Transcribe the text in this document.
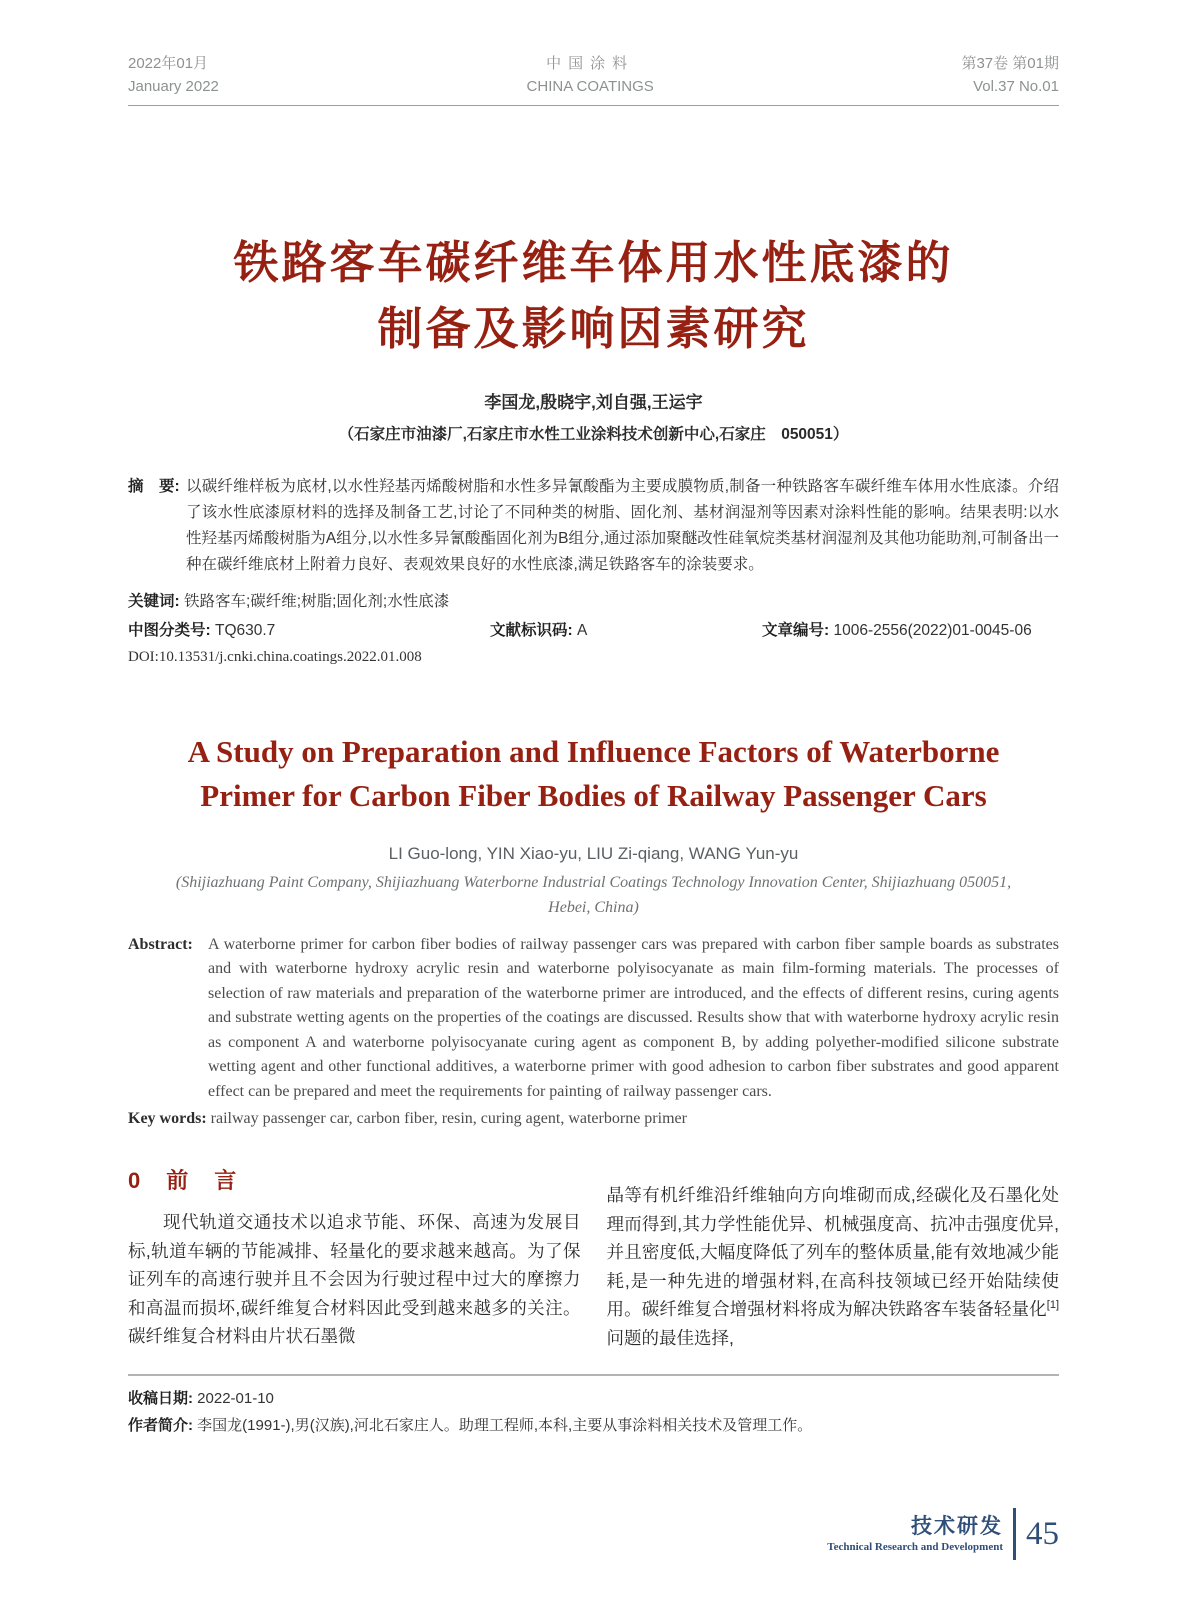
2022年01月
January 2022
中国涂料
CHINA COATINGS
第37卷 第01期
Vol.37 No.01
铁路客车碳纤维车体用水性底漆的
制备及影响因素研究
李国龙,殷晓宇,刘自强,王运宇
（石家庄市油漆厂,石家庄市水性工业涂料技术创新中心,石家庄　050051）
摘　要: 以碳纤维样板为底材,以水性羟基丙烯酸树脂和水性多异氰酸酯为主要成膜物质,制备一种铁路客车碳纤维车体用水性底漆。介绍了该水性底漆原材料的选择及制备工艺,讨论了不同种类的树脂、固化剂、基材润湿剂等因素对涂料性能的影响。结果表明:以水性羟基丙烯酸树脂为A组分,以水性多异氰酸酯固化剂为B组分,通过添加聚醚改性硅氧烷类基材润湿剂及其他功能助剂,可制备出一种在碳纤维底材上附着力良好、表观效果良好的水性底漆,满足铁路客车的涂装要求。
关键词: 铁路客车;碳纤维;树脂;固化剂;水性底漆
中图分类号: TQ630.7	文献标识码: A	文章编号: 1006-2556(2022)01-0045-06
DOI:10.13531/j.cnki.china.coatings.2022.01.008
A Study on Preparation and Influence Factors of Waterborne
Primer for Carbon Fiber Bodies of Railway Passenger Cars
LI Guo-long, YIN Xiao-yu, LIU Zi-qiang, WANG Yun-yu
(Shijiazhuang Paint Company, Shijiazhuang Waterborne Industrial Coatings Technology Innovation Center, Shijiazhuang 050051,
Hebei, China)
Abstract: A waterborne primer for carbon fiber bodies of railway passenger cars was prepared with carbon fiber sample boards as substrates and with waterborne hydroxy acrylic resin and waterborne polyisocyanate as main film-forming materials. The processes of selection of raw materials and preparation of the waterborne primer are introduced, and the effects of different resins, curing agents and substrate wetting agents on the properties of the coatings are discussed. Results show that with waterborne hydroxy acrylic resin as component A and waterborne polyisocyanate curing agent as component B, by adding polyether-modified silicone substrate wetting agent and other functional additives, a waterborne primer with good adhesion to carbon fiber substrates and good apparent effect can be prepared and meet the requirements for painting of railway passenger cars.
Key words: railway passenger car, carbon fiber, resin, curing agent, waterborne primer
0 前　言

现代轨道交通技术以追求节能、环保、高速为发展目标,轨道车辆的节能减排、轻量化的要求越来越高。为了保证列车的高速行驶并且不会因为行驶过程中过大的摩擦力和高温而损坏,碳纤维复合材料因此受到越来越多的关注。碳纤维复合材料由片状石墨微

晶等有机纤维沿纤维轴向方向堆砌而成,经碳化及石墨化处理而得到,其力学性能优异、机械强度高、抗冲击强度优异,并且密度低,大幅度降低了列车的整体质量,能有效地减少能耗,是一种先进的增强材料,在高科技领域已经开始陆续使用。碳纤维复合增强材料将成为解决铁路客车装备轻量化[1]问题的最佳选择,

收稿日期: 2022-01-10
作者简介: 李国龙(1991-),男(汉族),河北石家庄人。助理工程师,本科,主要从事涂料相关技术及管理工作。
技术研发
Technical Research and Development 45
